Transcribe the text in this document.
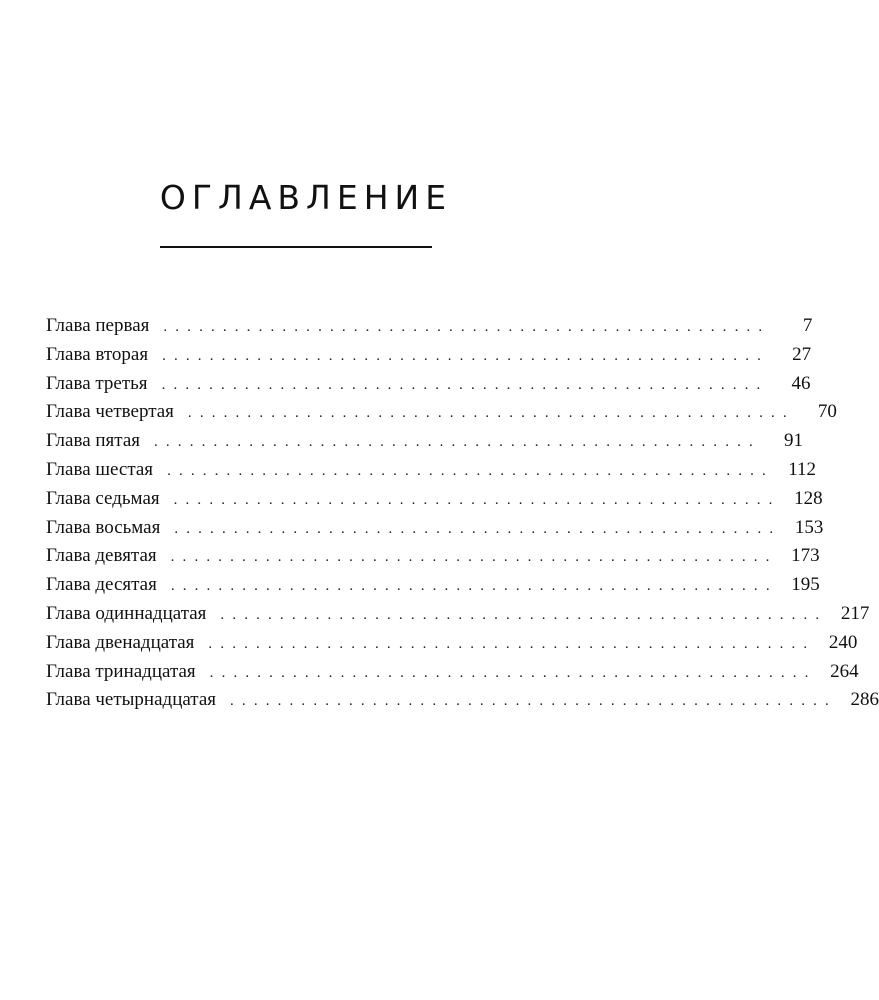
ОГЛАВЛЕНИЕ
Глава первая . . . . . . . . . . . . . . . . . . . . . . . . . . . . . . . . . . . . . . . . . . . . . . . . . . .	7
Глава вторая . . . . . . . . . . . . . . . . . . . . . . . . . . . . . . . . . . . . . . . . . . . . . . . . . . .	27
Глава третья . . . . . . . . . . . . . . . . . . . . . . . . . . . . . . . . . . . . . . . . . . . . . . . . . . .	46
Глава четвертая . . . . . . . . . . . . . . . . . . . . . . . . . . . . . . . . . . . . . . . . . . . . . . . . . . .	70
Глава пятая . . . . . . . . . . . . . . . . . . . . . . . . . . . . . . . . . . . . . . . . . . . . . . . . . . .	91
Глава шестая . . . . . . . . . . . . . . . . . . . . . . . . . . . . . . . . . . . . . . . . . . . . . . . . . . .	112
Глава седьмая . . . . . . . . . . . . . . . . . . . . . . . . . . . . . . . . . . . . . . . . . . . . . . . . . . .	128
Глава восьмая . . . . . . . . . . . . . . . . . . . . . . . . . . . . . . . . . . . . . . . . . . . . . . . . . . .	153
Глава девятая . . . . . . . . . . . . . . . . . . . . . . . . . . . . . . . . . . . . . . . . . . . . . . . . . . .	173
Глава десятая . . . . . . . . . . . . . . . . . . . . . . . . . . . . . . . . . . . . . . . . . . . . . . . . . . .	195
Глава одиннадцатая . . . . . . . . . . . . . . . . . . . . . . . . . . . . . . . . . . . . . . . . . . . . . . . . . . .	217
Глава двенадцатая . . . . . . . . . . . . . . . . . . . . . . . . . . . . . . . . . . . . . . . . . . . . . . . . . . .	240
Глава тринадцатая . . . . . . . . . . . . . . . . . . . . . . . . . . . . . . . . . . . . . . . . . . . . . . . . . . .	264
Глава четырнадцатая . . . . . . . . . . . . . . . . . . . . . . . . . . . . . . . . . . . . . . . . . . . . . . . . . . .	286
